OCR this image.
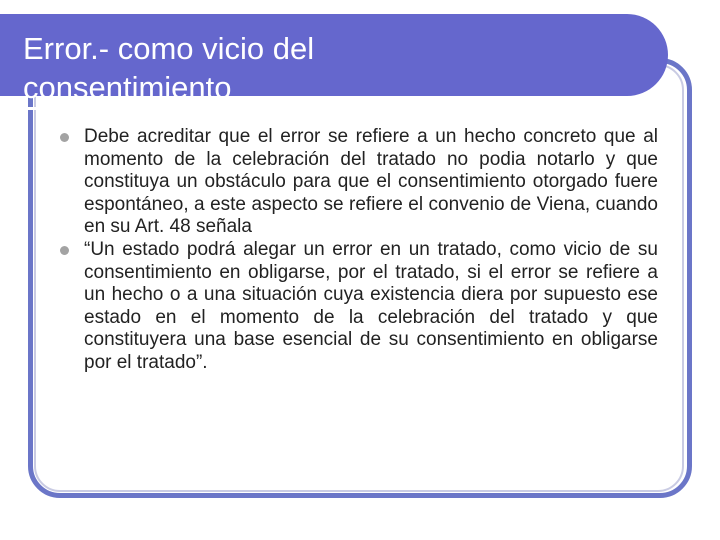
Error.- como vicio del
consentimiento
Debe acreditar que el error se refiere a un hecho concreto que al momento de la celebración del tratado no podia notarlo y que constituya un obstáculo para que el consentimiento otorgado fuere espontáneo, a este aspecto se refiere el convenio de Viena, cuando en su Art. 48 señala
“Un estado podrá alegar un error en un tratado, como vicio de su consentimiento en obligarse, por el tratado, si el error se refiere a un hecho o a una situación cuya existencia diera por supuesto ese estado en el momento de la celebración del tratado y que constituyera una base esencial de su consentimiento en obligarse por el tratado”.
